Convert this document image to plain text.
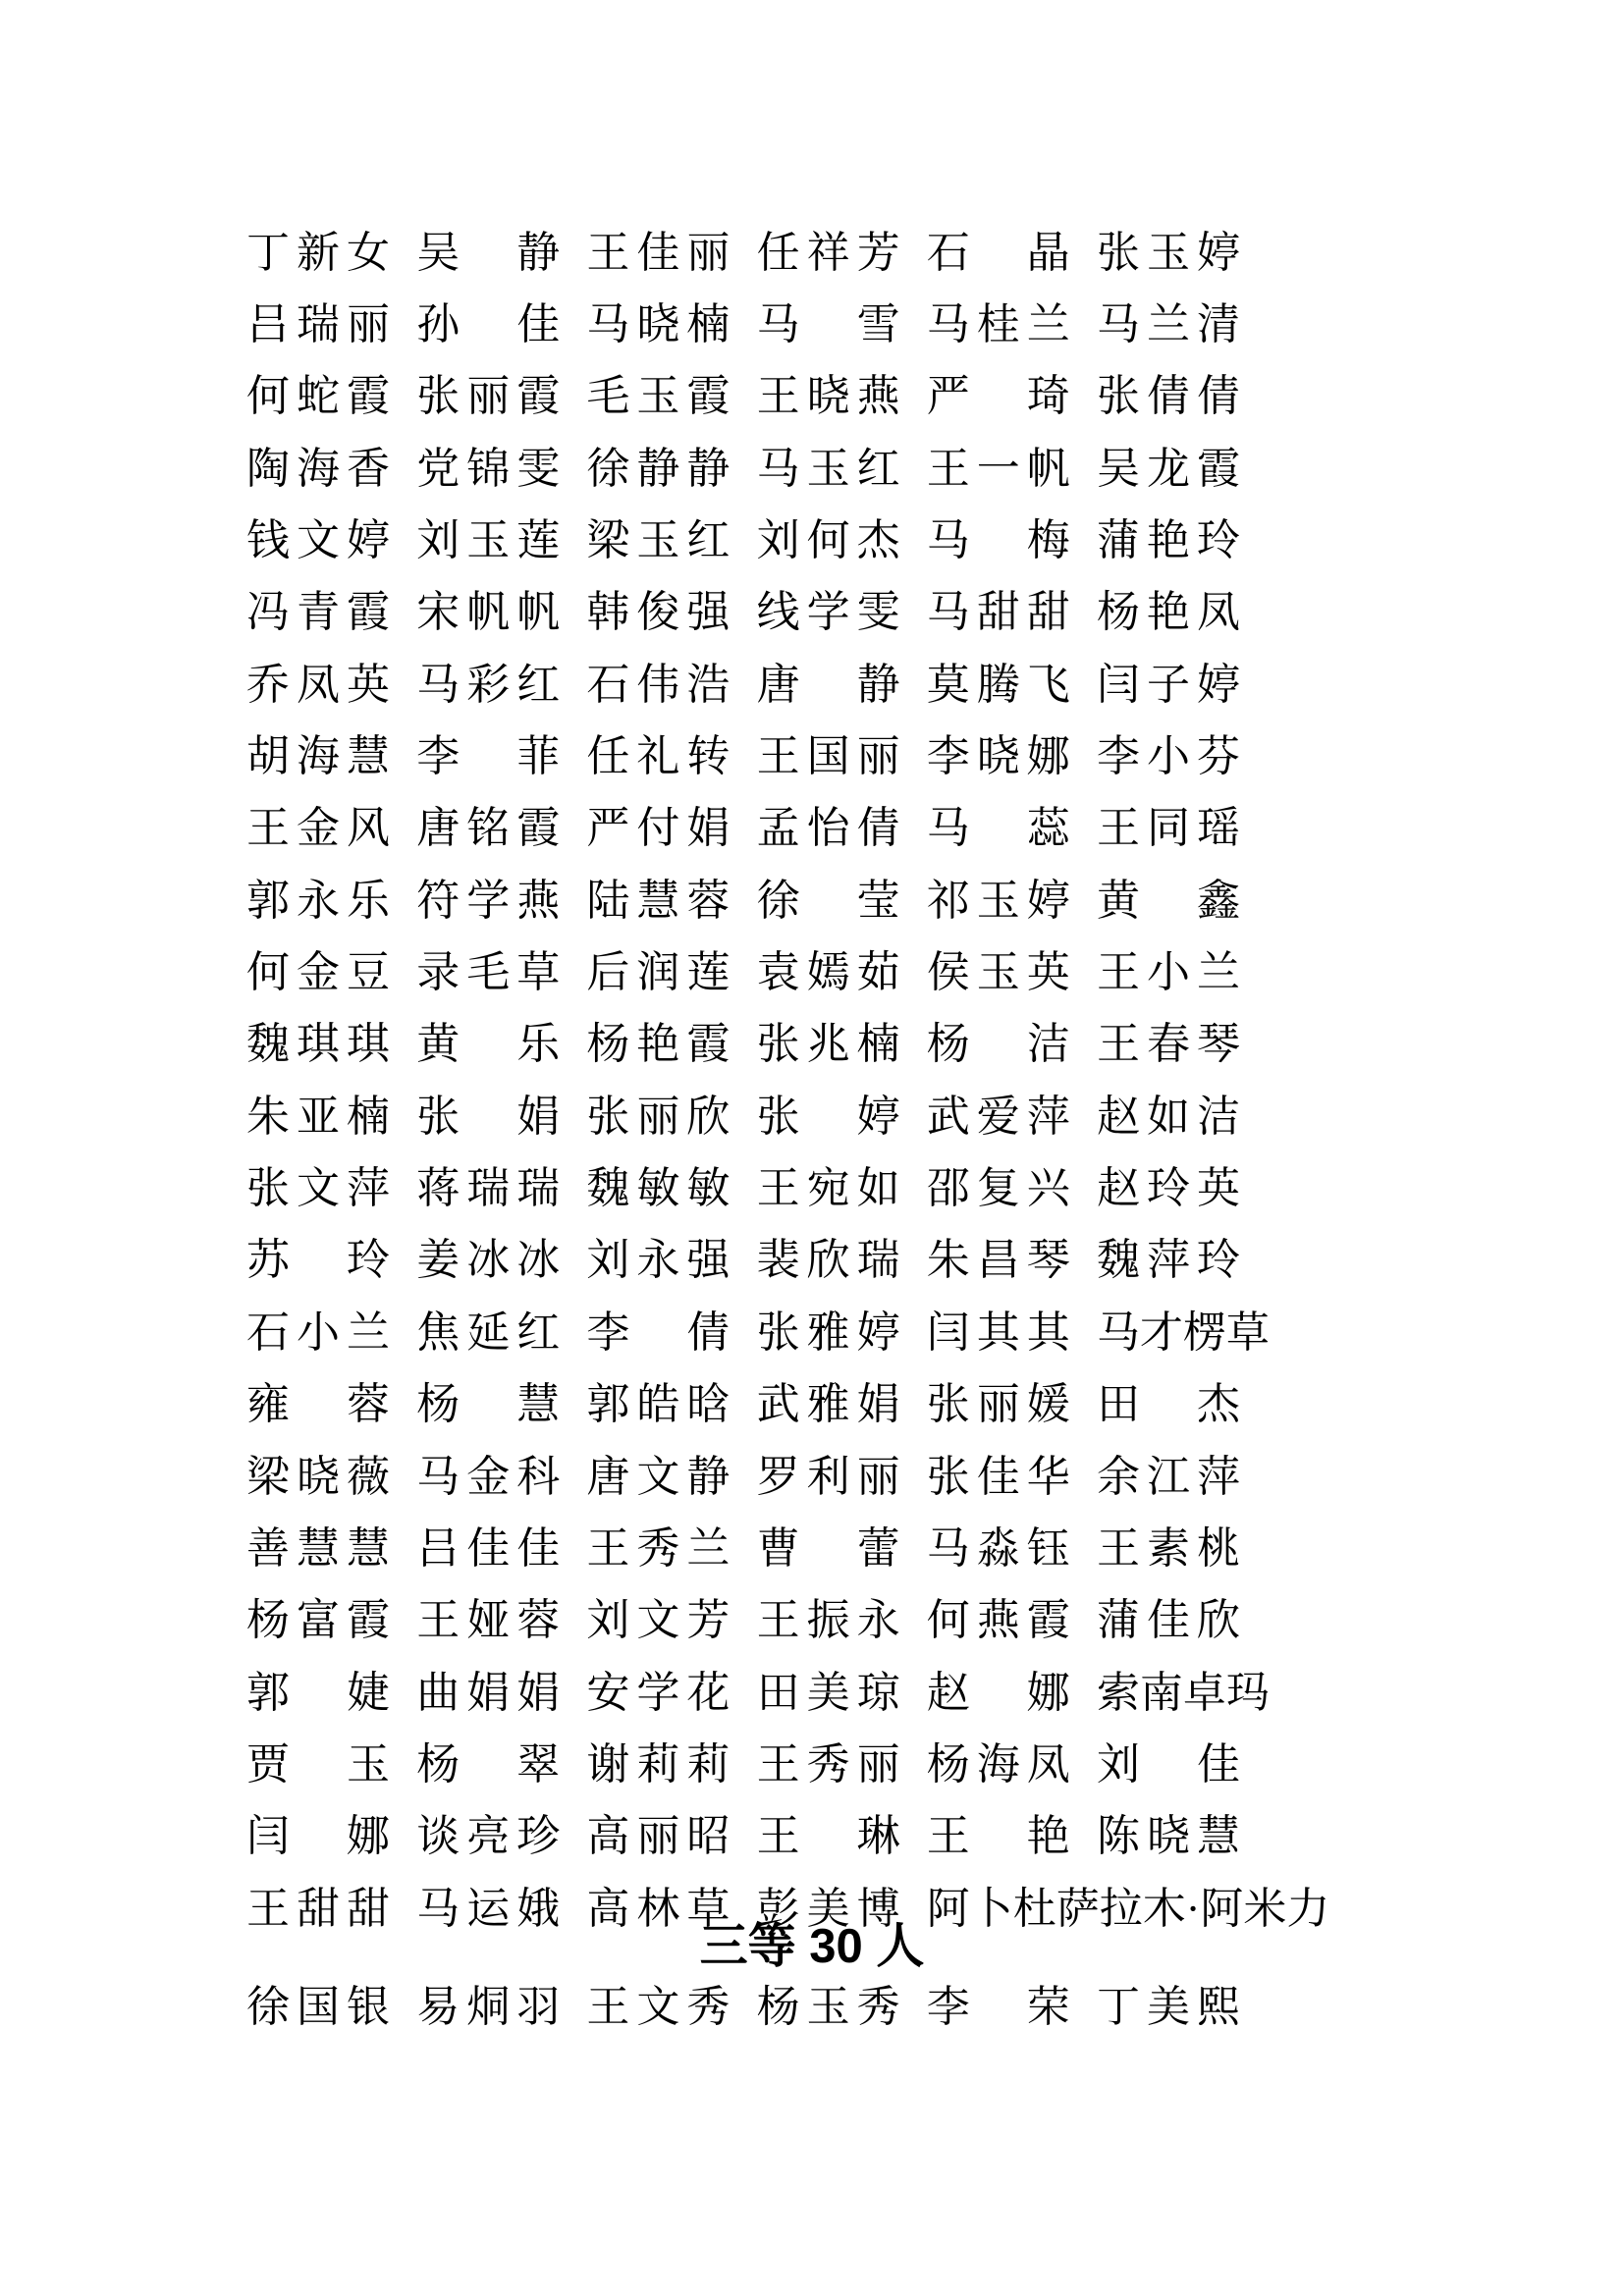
丁 新 女 吴 静 王 佳 丽 任 祥 芳 石 晶 张 玉 婷
吕 瑞 丽 孙 佳 马 晓 楠 马 雪 马 桂 兰 马 兰 清
何 蛇 霞 张 丽 霞 毛 玉 霞 王 晓 燕 严 琦 张 倩 倩
陶 海 香 党 锦 雯 徐 静 静 马 玉 红 王 一 帆 吴 龙 霞
钱 文 婷 刘 玉 莲 梁 玉 红 刘 何 杰 马 梅 蒲 艳 玲
冯 青 霞 宋 帆 帆 韩 俊 强 线 学 雯 马 甜 甜 杨 艳 凤
乔 凤 英 马 彩 红 石 伟 浩 唐 静 莫 腾 飞 闫 子 婷
胡 海 慧 李 菲 任 礼 转 王 国 丽 李 晓 娜 李 小 芬
王 金 风 唐 铭 霞 严 付 娟 孟 怡 倩 马 蕊 王 同 瑶
郭 永 乐 符 学 燕 陆 慧 蓉 徐 莹 祁 玉 婷 黄 鑫
何 金 豆 录 毛 草 后 润 莲 袁 嫣 茹 侯 玉 英 王 小 兰
魏 琪 琪 黄 乐 杨 艳 霞 张 兆 楠 杨 洁 王 春 琴
朱 亚 楠 张 娟 张 丽 欣 张 婷 武 爱 萍 赵 如 洁
张 文 萍 蒋 瑞 瑞 魏 敏 敏 王 宛 如 邵 复 兴 赵 玲 英
苏 玲 姜 冰 冰 刘 永 强 裴 欣 瑞 朱 昌 琴 魏 萍 玲
石 小 兰 焦 延 红 李 倩 张 雅 婷 闫 其 其 马才楞草
雍 蓉 杨 慧 郭 皓 晗 武 雅 娟 张 丽 媛 田 杰
梁 晓 薇 马 金 科 唐 文 静 罗 利 丽 张 佳 华 余 江 萍
善 慧 慧 吕 佳 佳 王 秀 兰 曹 蕾 马 淼 钰 王 素 桃
杨 富 霞 王 娅 蓉 刘 文 芳 王 振 永 何 燕 霞 蒲 佳 欣
郭 婕 曲 娟 娟 安 学 花 田 美 琼 赵 娜 索南卓玛
贾 玉 杨 翠 谢 莉 莉 王 秀 丽 杨 海 凤 刘 佳
闫 娜 谈 亮 珍 高 丽 昭 王 琳 王 艳 陈 晓 慧
王 甜 甜 马 运 娥 高 林 草 彭 美 博 阿卜杜萨拉木·阿米力
三等 30 人
徐 国 银 易 烔 羽 王 文 秀 杨 玉 秀 李 荣 丁 美 熙
